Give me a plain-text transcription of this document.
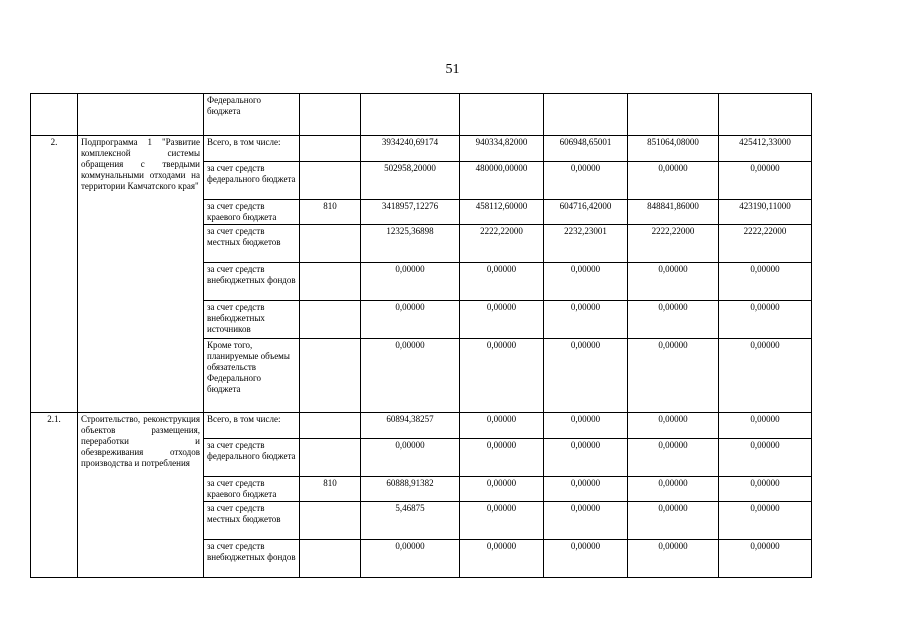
51
		Федерального бюджета						
2.	Подпрограмма 1 "Развитие комплексной системы обращения с твердыми коммунальными отходами на территории Камчатского края"	Всего, в том числе:		3934240,69174	940334,82000	606948,65001	851064,08000	425412,33000
		за счет средств федерального бюджета		502958,20000	480000,00000	0,00000	0,00000	0,00000
		за счет средств краевого бюджета	810	3418957,12276	458112,60000	604716,42000	848841,86000	423190,11000
		за счет средств местных бюджетов		12325,36898	2222,22000	2232,23001	2222,22000	2222,22000
		за счет средств внебюджетных фондов		0,00000	0,00000	0,00000	0,00000	0,00000
		за счет средств внебюджетных источников		0,00000	0,00000	0,00000	0,00000	0,00000
		Кроме того, планируемые объемы обязательств Федерального бюджета		0,00000	0,00000	0,00000	0,00000	0,00000
2.1.	Строительство, реконструкция объектов размещения, переработки и обезвреживания отходов производства и потребления	Всего, в том числе:		60894,38257	0,00000	0,00000	0,00000	0,00000
		за счет средств федерального бюджета		0,00000	0,00000	0,00000	0,00000	0,00000
		за счет средств краевого бюджета	810	60888,91382	0,00000	0,00000	0,00000	0,00000
		за счет средств местных бюджетов		5,46875	0,00000	0,00000	0,00000	0,00000
		за счет средств внебюджетных фондов		0,00000	0,00000	0,00000	0,00000	0,00000
